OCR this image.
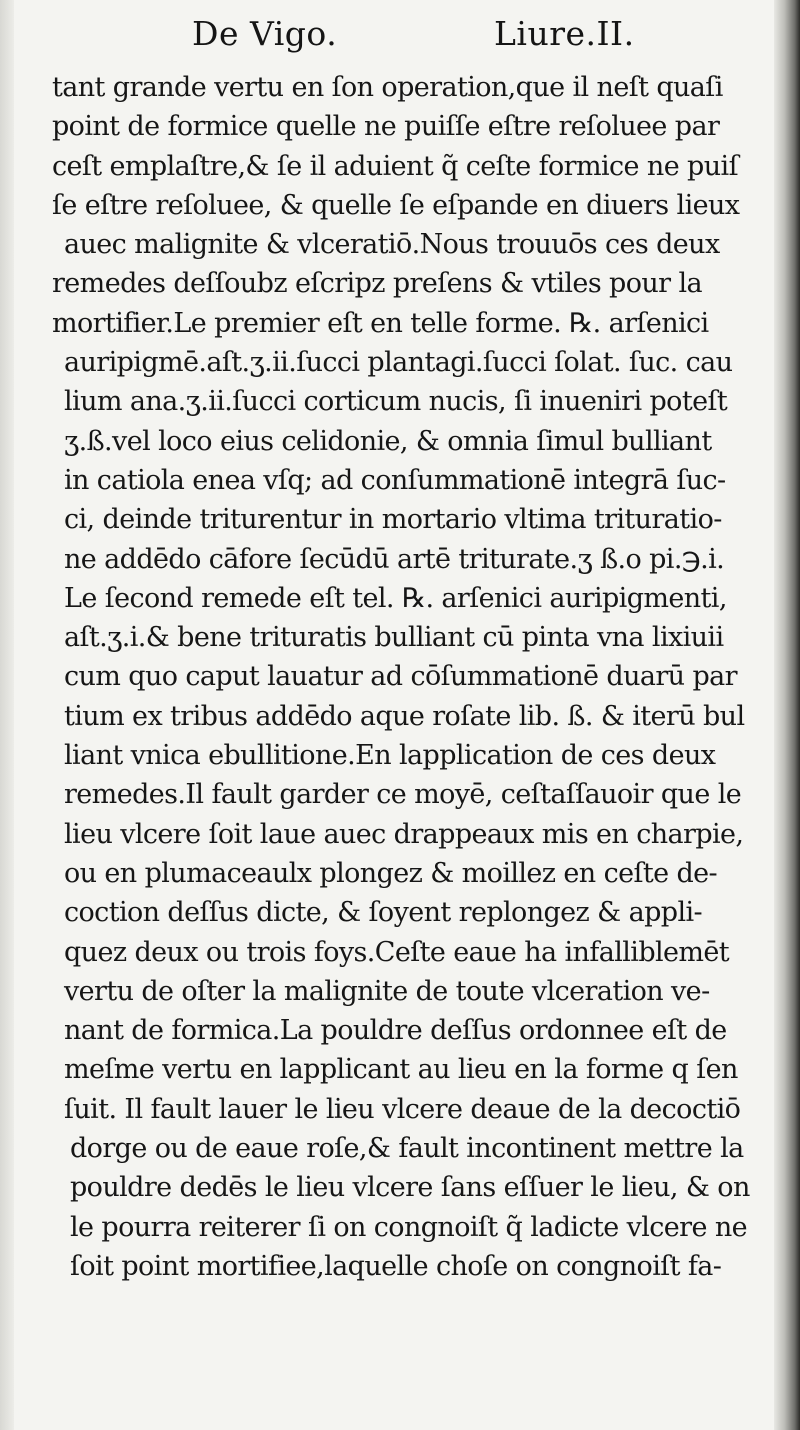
De Vigo.	Liure.II.
tant grande vertu en ſon operation,que il neſt quaſi
point de formice quelle ne puiſſe eſtre reſoluee par
ceſt emplaſtre,& ſe il aduient q̃ ceſte formice ne puiſ
ſe eſtre reſoluee, & quelle ſe eſpande en diuers lieux
auec malignite & vlceratiō.Nous trouuōs ces deux
remedes deſſoubz eſcripz preſens & vtiles pour la
mortifier.Le premier eſt en telle forme. ℞. arſenici
auripigmē.aſt.ʒ.ii.ſucci plantagi.ſucci ſolat. ſuc. cau
lium ana.ʒ.ii.ſucci corticum nucis, ſi inueniri poteſt
ʒ.ß.vel loco eius celidonie, & omnia ſimul bulliant
in catiola enea vſq; ad conſummationē integrā ſuc-
ci, deinde triturentur in mortario vltima trituratio-
ne addēdo cāfore ſecūdū artē triturate.ʒ ß.o pi.℈.i.
Le ſecond remede eſt tel. ℞. arſenici auripigmenti,
aſt.ʒ.i.& bene trituratis bulliant cū pinta vna lixiuii
cum quo caput lauatur ad cōſummationē duarū par
tium ex tribus addēdo aque roſate lib. ß. & iterū bul
liant vnica ebullitione.En lapplication de ces deux
remedes.Il fault garder ce moyē, ceſtaſſauoir que le
lieu vlcere ſoit laue auec drappeaux mis en charpie,
ou en plumaceaulx plongez & moillez en ceſte de-
coction deſſus dicte, & ſoyent replongez & appli-
quez deux ou trois foys.Ceſte eaue ha infalliblemēt
vertu de oſter la malignite de toute vlceration ve-
nant de formica.La pouldre deſſus ordonnee eſt de
meſme vertu en lapplicant au lieu en la forme q ſen
ſuit. Il fault lauer le lieu vlcere deaue de la decoctiō
dorge ou de eaue roſe,& fault incontinent mettre la
pouldre dedēs le lieu vlcere ſans eſſuer le lieu, & on
le pourra reiterer ſi on congnoiſt q̃ ladicte vlcere ne
ſoit point mortifiee,laquelle choſe on congnoiſt fa-
